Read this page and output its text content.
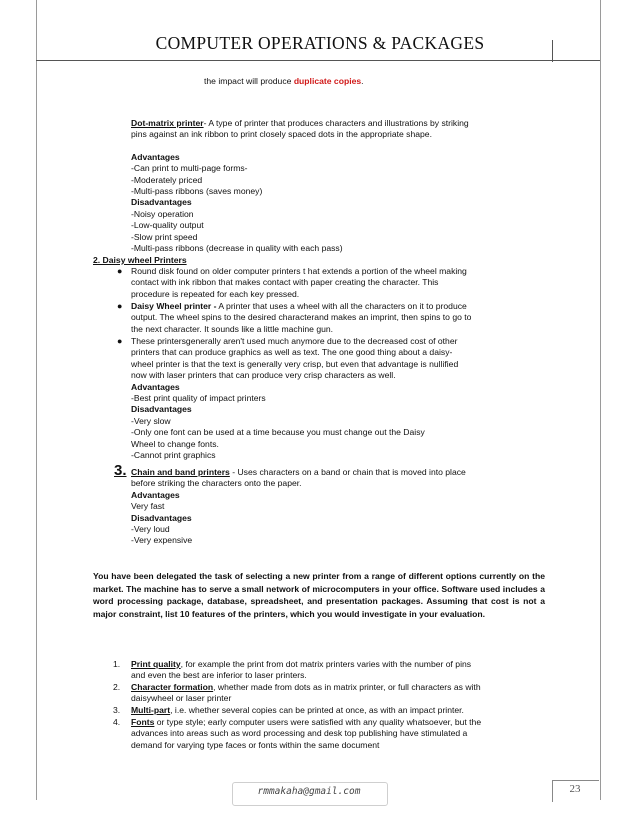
COMPUTER OPERATIONS & PACKAGES
the impact will produce duplicate copies.
Dot-matrix printer- A type of printer that produces characters and illustrations by striking
pins against an ink ribbon to print closely spaced dots in the appropriate shape.
Advantages
-Can print to multi-page forms-
-Moderately priced
-Multi-pass ribbons (saves money)
Disadvantages
-Noisy operation
-Low-quality output
-Slow print speed
-Multi-pass ribbons (decrease in quality with each pass)
2. Daisy wheel Printers
● Round disk found on older computer printers t hat extends a portion of the wheel making
contact with ink ribbon that makes contact with paper creating the character. This
procedure is repeated for each key pressed.
● Daisy Wheel printer - A printer that uses a wheel with all the characters on it to produce
output. The wheel spins to the desired characterand makes an imprint, then spins to go to
the next character. It sounds like a little machine gun.
● These printersgenerally aren't used much anymore due to the decreased cost of other
printers that can produce graphics as well as text. The one good thing about a daisy-
wheel printer is that the text is generally very crisp, but even that advantage is nullified
now with laser printers that can produce very crisp characters as well.
Advantages
-Best print quality of impact printers
Disadvantages
-Very slow
-Only one font can be used at a time because you must change out the Daisy
Wheel to change fonts.
-Cannot print graphics
3. Chain and band printers - Uses characters on a band or chain that is moved into place
before striking the characters onto the paper.
Advantages
Very fast
Disadvantages
-Very loud
-Very expensive
You have been delegated the task of selecting a new printer from a range of different options currently on the market. The machine has to serve a small network of microcomputers in your office. Software used includes a word processing package, database, spreadsheet, and presentation packages. Assuming that cost is not a major constraint, list 10 features of the printers, which you would investigate in your evaluation.
1. Print quality, for example the print from dot matrix printers varies with the number of pins
and even the best are inferior to laser printers.
2. Character formation, whether made from dots as in matrix printer, or full characters as with
daisywheel or laser printer
3. Multi-part, i.e. whether several copies can be printed at once, as with an impact printer.
4. Fonts or type style; early computer users were satisfied with any quality whatsoever, but the
advances into areas such as word processing and desk top publishing have stimulated a
demand for varying type faces or fonts within the same document
rmmakaha@gmail.com	23
